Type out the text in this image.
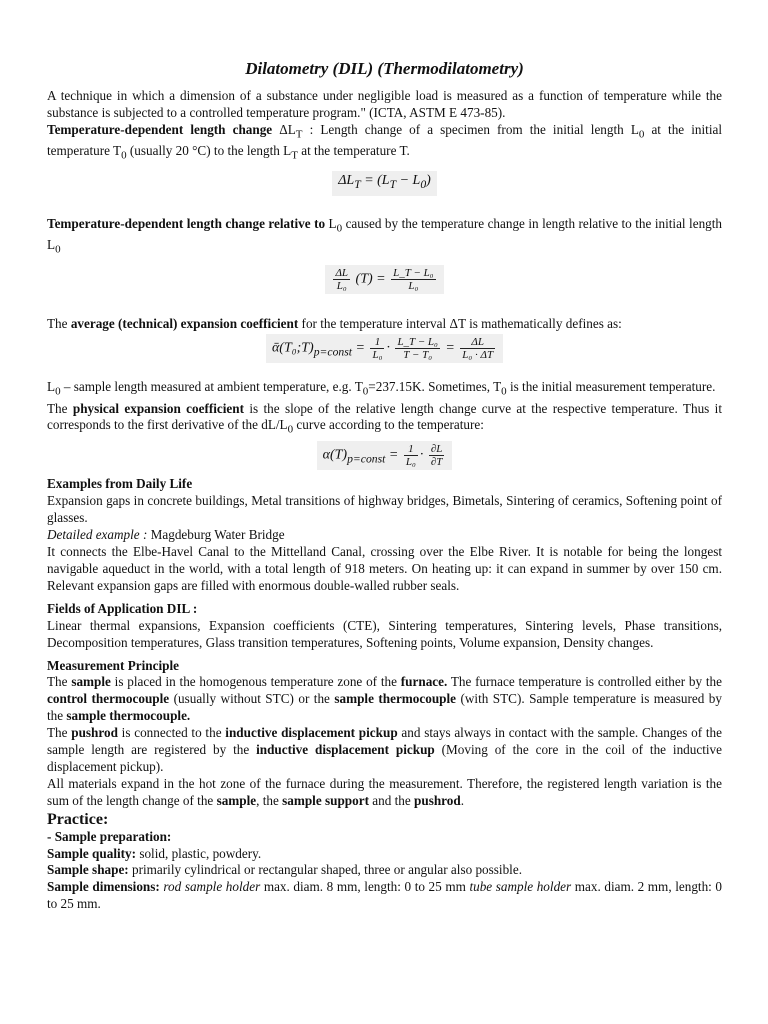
Dilatometry (DIL) (Thermodilatometry)

A technique in which a dimension of a substance under negligible load is measured as a function of temperature while the substance is subjected to a controlled temperature program." (ICTA, ASTM E 473-85).

Temperature-dependent length change $\Delta L_T$ : Length change of a specimen from the initial length $L_0$ at the initial temperature $T_0$ (usually 20 °C) to the length $L_T$ at the temperature T.

$\Delta L_T = (L_T - L_0)$

Temperature-dependent length change relative to $L_0$ caused by the temperature change in length relative to the initial length $L_0$

$\frac{\Delta L}{\text{L₀}} (T) = \frac{\text{L\_T − L₀}}{\text{L₀}}$

The average (technical) expansion coefficient for the temperature interval ΔT is mathematically defines as:

$ᾱ(T_0;T)_{p=const} = \frac{1}{\text{L₀}} \cdot \frac{\text{L\_T − L₀}}{\text{T − T₀}} = \frac{\Delta L}{\text{L₀ · ΔT}}$

$L_0$ – sample length measured at ambient temperature, e.g. $T_0=237.15K$. Sometimes, $T_0$ is the initial measurement temperature.

The physical expansion coefficient is the slope of the relative length change curve at the respective temperature. Thus it corresponds to the first derivative of the $dL/L_0$ curve according to the temperature:

$\alpha(T)_{p=const} = \frac{1}{\text{L₀}} \cdot \frac{\partial L}{\partial T}$

Examples from Daily Life

Expansion gaps in concrete buildings, Metal transitions of highway bridges, Bimetals, Sintering of ceramics, Softening point of glasses.

Detailed example : Magdeburg Water Bridge

It connects the Elbe-Havel Canal to the Mittelland Canal, crossing over the Elbe River. It is notable for being the longest navigable aqueduct in the world, with a total length of 918 meters. On heating up: it can expand in summer by over 150 cm. Relevant expansion gaps are filled with enormous double-walled rubber seals.

Fields of Application DIL :

Linear thermal expansions, Expansion coefficients (CTE), Sintering temperatures, Sintering levels, Phase transitions, Decomposition temperatures, Glass transition temperatures, Softening points, Volume expansion, Density changes.

Measurement Principle

The sample is placed in the homogenous temperature zone of the furnace. The furnace temperature is controlled either by the control thermocouple (usually without STC) or the sample thermocouple (with STC). Sample temperature is measured by the sample thermocouple.

The pushrod is connected to the inductive displacement pickup and stays always in contact with the sample. Changes of the sample length are registered by the inductive displacement pickup (Moving of the core in the coil of the inductive displacement pickup).

All materials expand in the hot zone of the furnace during the measurement. Therefore, the registered length variation is the sum of the length change of the sample, the sample support and the pushrod.

Practice:

- Sample preparation:

Sample quality: solid, plastic, powdery.

Sample shape: primarily cylindrical or rectangular shaped, three or angular also possible.

Sample dimensions: rod sample holder max. diam. 8 mm, length: 0 to 25 mm tube sample holder max. diam. 2 mm, length: 0 to 25 mm.
